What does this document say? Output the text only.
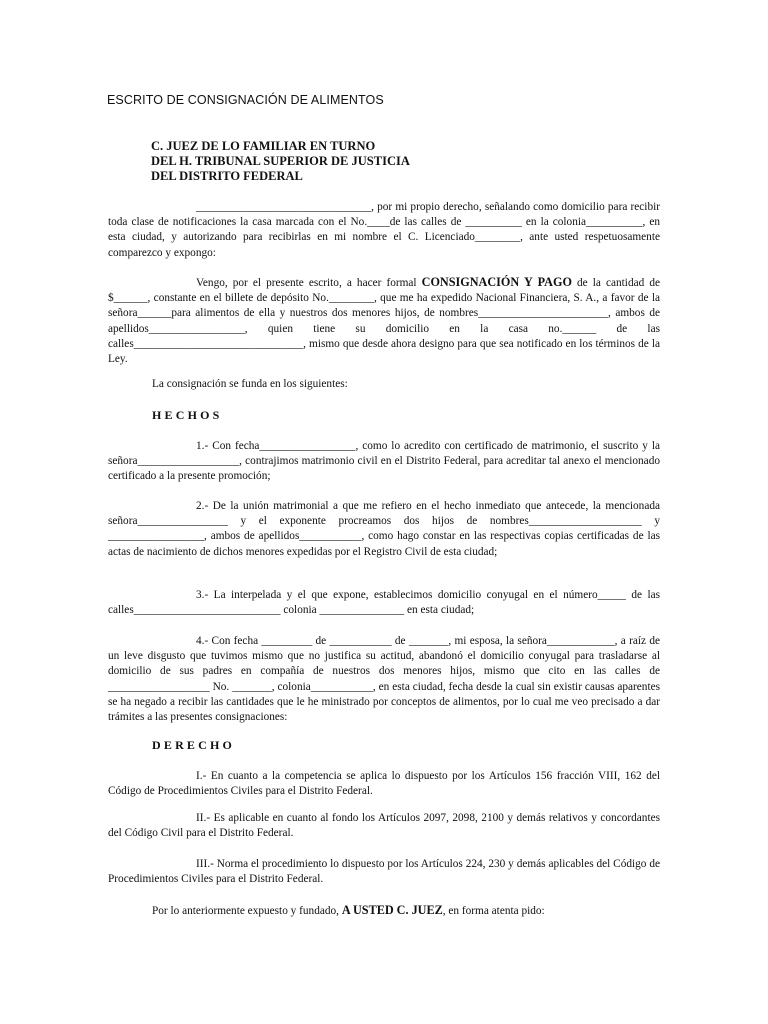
ESCRITO DE CONSIGNACIÓN DE ALIMENTOS
C. JUEZ DE LO FAMILIAR EN TURNO
DEL H. TRIBUNAL SUPERIOR DE JUSTICIA
DEL DISTRITO FEDERAL

_______________________________, por mi propio derecho, señalando como domicilio para recibir toda clase de notificaciones la casa marcada con el No.____de las calles de __________ en la colonia__________, en esta ciudad, y autorizando para recibirlas en mi nombre el C. Licenciado________, ante usted respetuosamente comparezco y expongo:

Vengo, por el presente escrito, a hacer formal CONSIGNACIÓN Y PAGO de la cantidad de $______, constante en el billete de depósito No.________, que me ha expedido Nacional Financiera, S. A., a favor de la señora______para alimentos de ella y nuestros dos menores hijos, de nombres_______________________, ambos de apellidos_________________, quien tiene su domicilio en la casa no.______ de las calles______________________________, mismo que desde ahora designo para que sea notificado en los términos de la Ley.

La consignación se funda en los siguientes:
HECHOS

1.- Con fecha_________________, como lo acredito con certificado de matrimonio, el suscrito y la señora__________________, contrajimos matrimonio civil en el Distrito Federal, para acreditar tal anexo el mencionado certificado a la presente promoción;

2.- De la unión matrimonial a que me refiero en el hecho inmediato que antecede, la mencionada señora________________ y el exponente procreamos dos hijos de nombres____________________ y _________________, ambos de apellidos___________, como hago constar en las respectivas copias certificadas de las actas de nacimiento de dichos menores expedidas por el Registro Civil de esta ciudad;

3.- La interpelada y el que expone, establecimos domicilio conyugal en el número_____ de las calles__________________________ colonia _______________ en esta ciudad;

4.- Con fecha _________ de ___________ de _______, mi esposa, la señora____________, a raíz de un leve disgusto que tuvimos mismo que no justifica su actitud, abandonó el domicilio conyugal para trasladarse al domicilio de sus padres en compañía de nuestros dos menores hijos, mismo que cito en las calles de __________________ No. _______, colonia___________, en esta ciudad, fecha desde la cual sin existir causas aparentes se ha negado a recibir las cantidades que le he ministrado por conceptos de alimentos, por lo cual me veo precisado a dar trámites a las presentes consignaciones:

DERECHO

I.- En cuanto a la competencia se aplica lo dispuesto por los Artículos 156 fracción VIII, 162 del Código de Procedimientos Civiles para el Distrito Federal.

II.- Es aplicable en cuanto al fondo los Artículos 2097, 2098, 2100 y demás relativos y concordantes del Código Civil para el Distrito Federal.

III.- Norma el procedimiento lo dispuesto por los Artículos 224, 230 y demás aplicables del Código de Procedimientos Civiles para el Distrito Federal.

Por lo anteriormente expuesto y fundado, A USTED C. JUEZ, en forma atenta pido:
